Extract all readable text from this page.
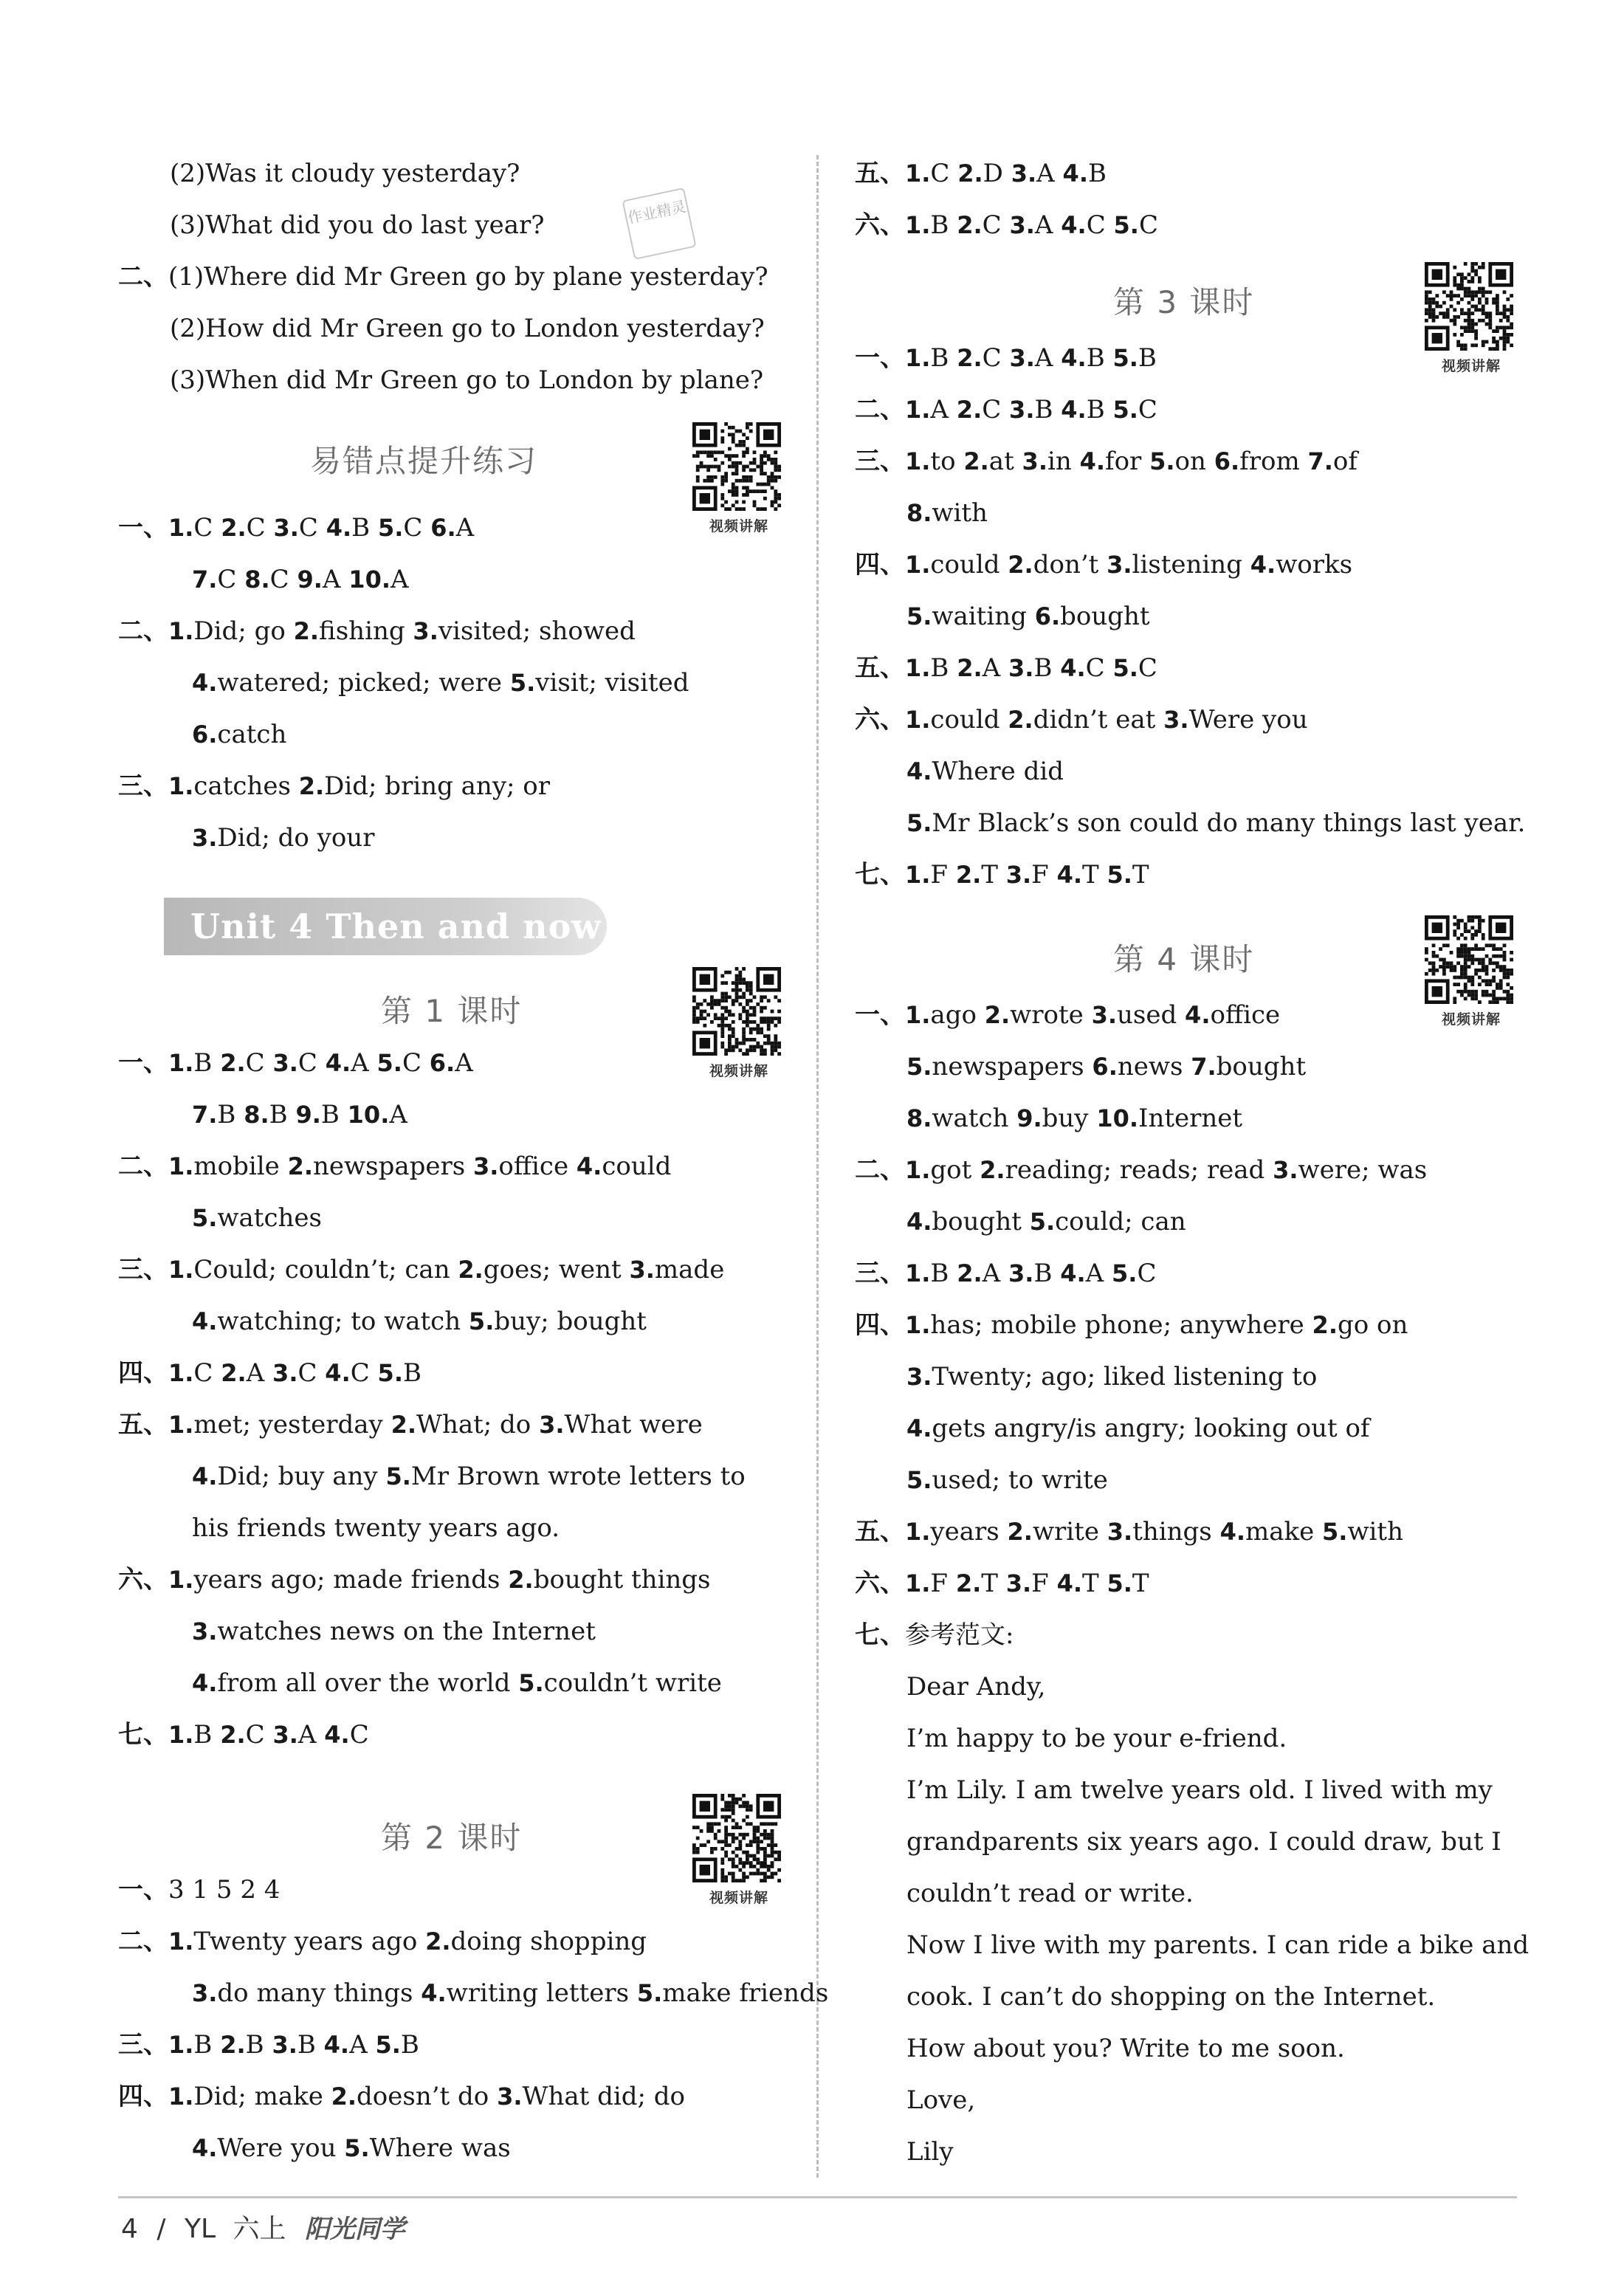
(2)Was it cloudy yesterday?
(3)What did you do last year?
二、(1)Where did Mr Green go by plane yesterday?
(2)How did Mr Green go to London yesterday?
(3)When did Mr Green go to London by plane?
一、1.C 2.C 3.C 4.B 5.C 6.A
7.C 8.C 9.A 10.A
二、1.Did; go 2.fishing 3.visited; showed
4.watered; picked; were 5.visit; visited
6.catch
三、1.catches 2.Did; bring any; or
3.Did; do your
一、1.B 2.C 3.C 4.A 5.C 6.A
7.B 8.B 9.B 10.A
二、1.mobile 2.newspapers 3.office 4.could
5.watches
三、1.Could; couldn’t; can 2.goes; went 3.made
4.watching; to watch 5.buy; bought
四、1.C 2.A 3.C 4.C 5.B
五、1.met; yesterday 2.What; do 3.What were
4.Did; buy any 5.Mr Brown wrote letters to
his friends twenty years ago.
六、1.years ago; made friends 2.bought things
3.watches news on the Internet
4.from all over the world 5.couldn’t write
七、1.B 2.C 3.A 4.C
一、3 1 5 2 4
二、1.Twenty years ago 2.doing shopping
3.do many things 4.writing letters 5.make friends
三、1.B 2.B 3.B 4.A 5.B
四、1.Did; make 2.doesn’t do 3.What did; do
4.Were you 5.Where was
五、1.C 2.D 3.A 4.B
六、1.B 2.C 3.A 4.C 5.C
一、1.B 2.C 3.A 4.B 5.B
二、1.A 2.C 3.B 4.B 5.C
三、1.to 2.at 3.in 4.for 5.on 6.from 7.of
8.with
四、1.could 2.don’t 3.listening 4.works
5.waiting 6.bought
五、1.B 2.A 3.B 4.C 5.C
六、1.could 2.didn’t eat 3.Were you
4.Where did
5.Mr Black’s son could do many things last year.
七、1.F 2.T 3.F 4.T 5.T
一、1.ago 2.wrote 3.used 4.office
5.newspapers 6.news 7.bought
8.watch 9.buy 10.Internet
二、1.got 2.reading; reads; read 3.were; was
4.bought 5.could; can
三、1.B 2.A 3.B 4.A 5.C
四、1.has; mobile phone; anywhere 2.go on
3.Twenty; ago; liked listening to
4.gets angry/is angry; looking out of
5.used; to write
五、1.years 2.write 3.things 4.make 5.with
六、1.F 2.T 3.F 4.T 5.T
七、参考范文:
Dear Andy,
I’m happy to be your e-friend.
I’m Lily. I am twelve years old. I lived with my
grandparents six years ago. I could draw, but I
couldn’t read or write.
Now I live with my parents. I can ride a bike and
cook. I can’t do shopping on the Internet.
How about you? Write to me soon.
Love,
Lily
作业精灵
易错点提升练习
Unit 4 Then and now
第 1 课时
第 2 课时
第 3 课时
第 4 课时
视频讲解
视频讲解
视频讲解
视频讲解
视频讲解
4 / YL 六上 阳光同学
